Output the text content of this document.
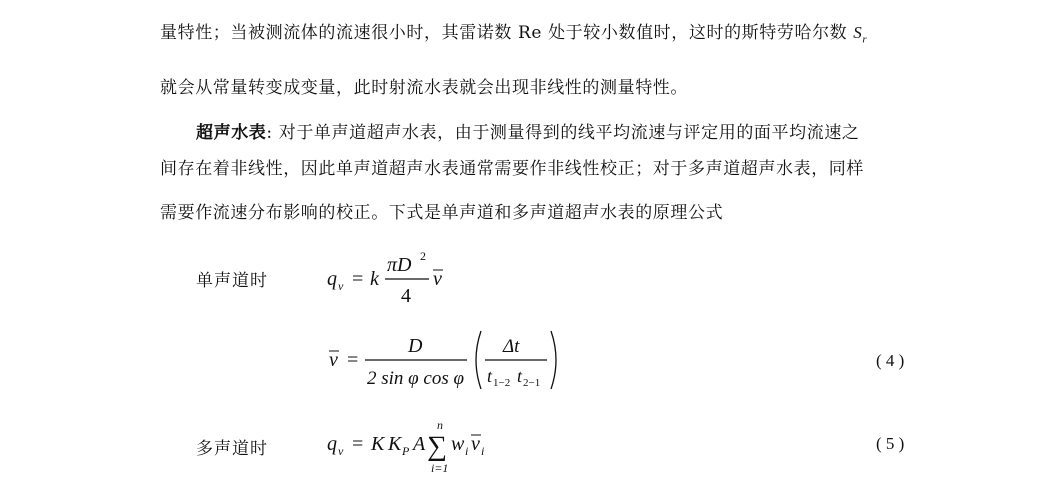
量特性；当被测流体的流速很小时，其雷诺数 Re 处于较小数值时，这时的斯特劳哈尔数 $S_r$
就会从常量转变成变量，此时射流水表就会出现非线性的测量特性。
超声水表: 对于单声道超声水表，由于测量得到的线平均流速与评定用的面平均流速之
间存在着非线性，因此单声道超声水表通常需要作非线性校正；对于多声道超声水表，同样
需要作流速分布影响的校正。下式是单声道和多声道超声水表的原理公式
单声道时
多声道时
q v = k
πD 2
4
v
v =
D
2 sin φ cos φ
Δt
t 1−2 t 2−1
q v = K K P A
n
∑
i=1
w i v i
( 4 )
( 5 )
